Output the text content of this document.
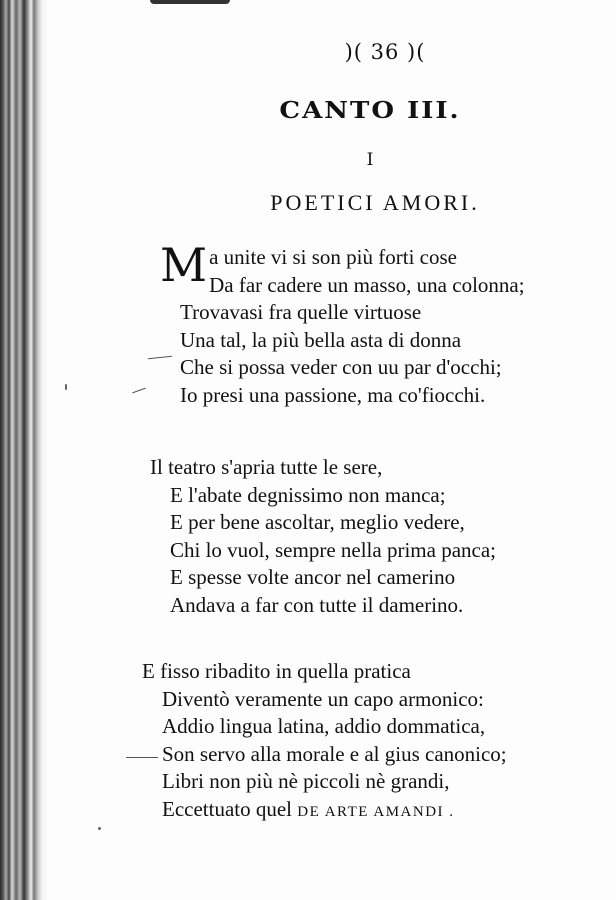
)( 36 )(
CANTO III.
I
POETICI AMORI.
Ma unite vi si son più forti cose
Da far cadere un masso, una colonna;
Trovavasi fra quelle virtuose
Una tal, la più bella asta di donna
Che si possa veder con uu par d'occhi;
Io presi una passione, ma co'fiocchi.
Il teatro s'apria tutte le sere,
E l'abate degnissimo non manca;
E per bene ascoltar, meglio vedere,
Chi lo vuol, sempre nella prima panca;
E spesse volte ancor nel camerino
Andava a far con tutte il damerino.
E fisso ribadito in quella pratica
Diventò veramente un capo armonico:
Addio lingua latina, addio dommatica,
Son servo alla morale e al gius canonico;
Libri non più nè piccoli nè grandi,
Eccettuato quel DE ARTE AMANDI .
